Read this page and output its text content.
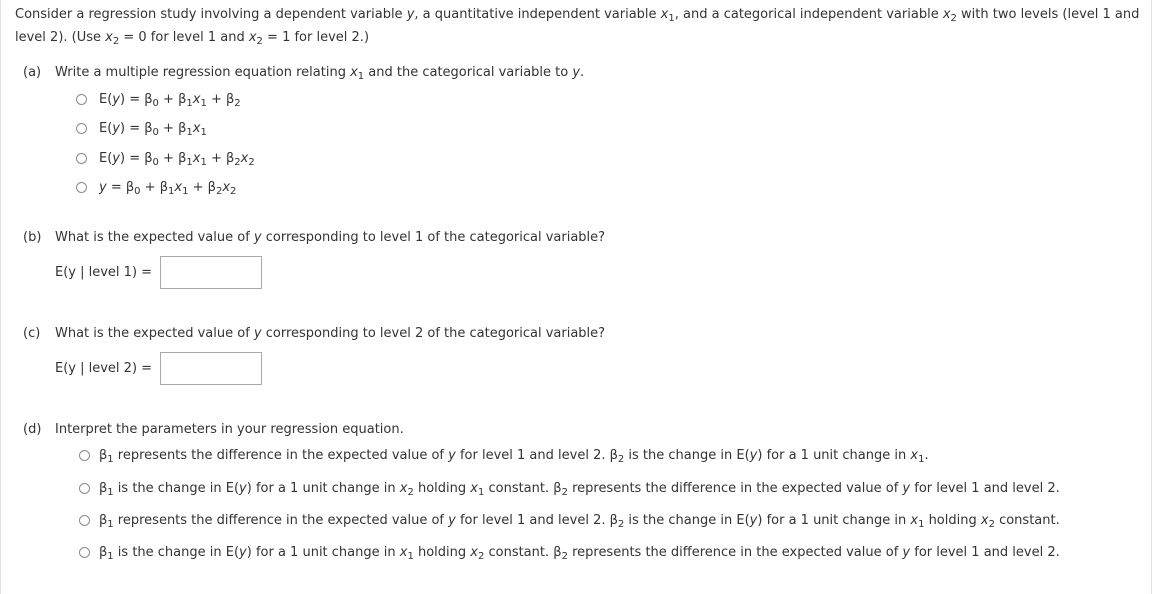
Consider a regression study involving a dependent variable y, a quantitative independent variable $x_1$, and a categorical independent variable $x_2$ with two levels (level 1 and
level 2). (Use $x_2 = 0$ for level 1 and $x_2 = 1$ for level 2.)
(a) Write a multiple regression equation relating $x_1$ and the categorical variable to y.
$E(y) = \beta_0 + \beta_1x_1 + \beta_2$
$E(y) = \beta_0 + \beta_1x_1$
$E(y) = \beta_0 + \beta_1x_1 + \beta_2x_2$
$y = \beta_0 + \beta_1x_1 + \beta_2x_2$
(b) What is the expected value of y corresponding to level 1 of the categorical variable?
E(y | level 1) =
(c) What is the expected value of y corresponding to level 2 of the categorical variable?
E(y | level 2) =
(d) Interpret the parameters in your regression equation.
$\beta_1$ represents the difference in the expected value of y for level 1 and level 2. $\beta_2$ is the change in E(y) for a 1 unit change in $x_1$.
$\beta_1$ is the change in E(y) for a 1 unit change in $x_2$ holding $x_1$ constant. $\beta_2$ represents the difference in the expected value of y for level 1 and level 2.
$\beta_1$ represents the difference in the expected value of y for level 1 and level 2. $\beta_2$ is the change in E(y) for a 1 unit change in $x_1$ holding $x_2$ constant.
$\beta_1$ is the change in E(y) for a 1 unit change in $x_1$ holding $x_2$ constant. $\beta_2$ represents the difference in the expected value of y for level 1 and level 2.
